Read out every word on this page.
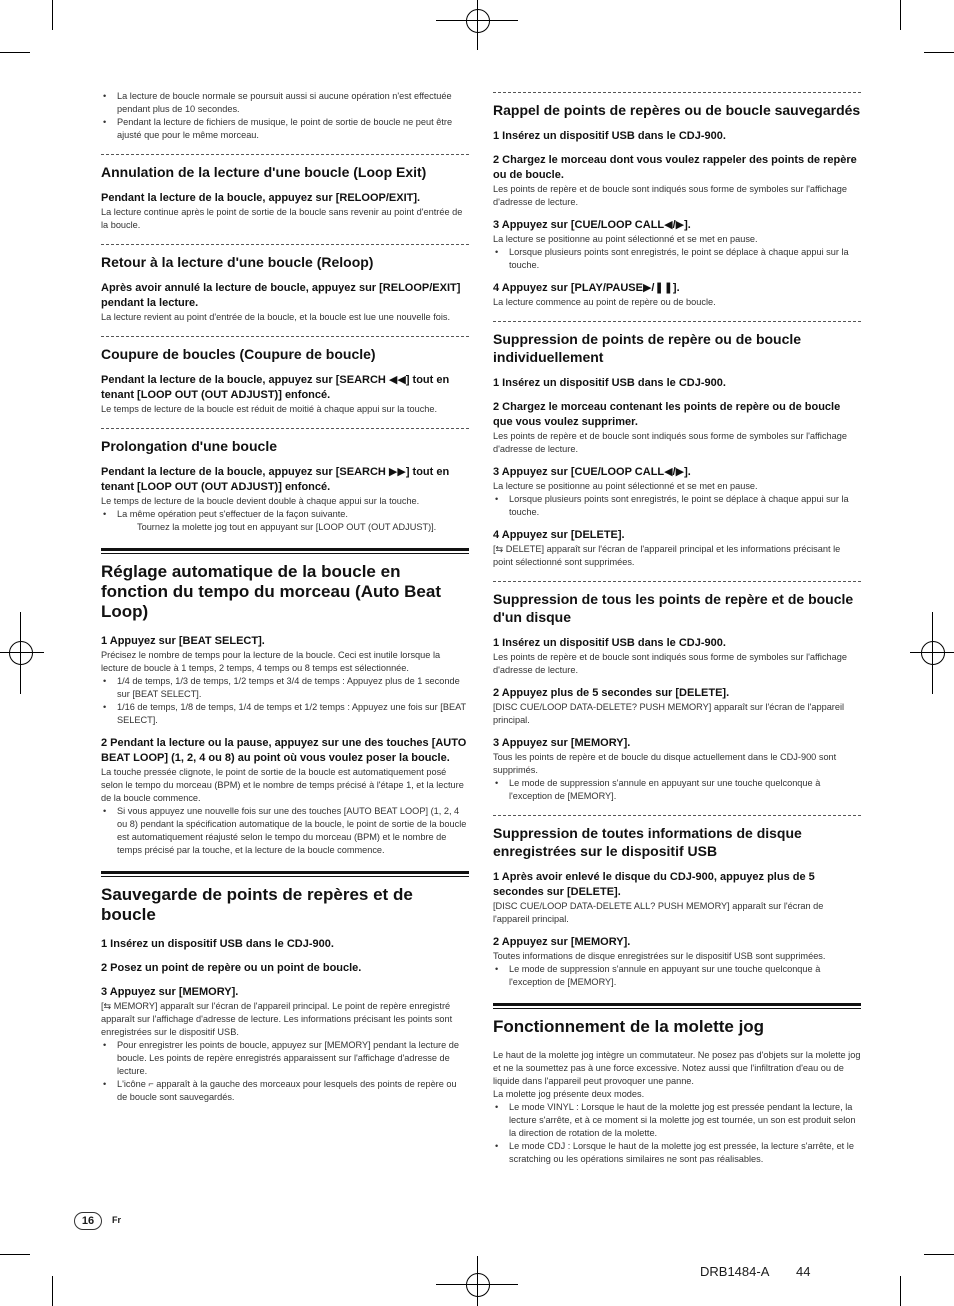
• La lecture de boucle normale se poursuit aussi si aucune opération n'est effectuée pendant plus de 10 secondes.
• Pendant la lecture de fichiers de musique, le point de sortie de boucle ne peut être ajusté que pour le même morceau.

Annulation de la lecture d'une boucle (Loop Exit)

Pendant la lecture de la boucle, appuyez sur [RELOOP/EXIT].

La lecture continue après le point de sortie de la boucle sans revenir au point d'entrée de la boucle.

Retour à la lecture d'une boucle (Reloop)

Après avoir annulé la lecture de boucle, appuyez sur [RELOOP/EXIT] pendant la lecture.

La lecture revient au point d'entrée de la boucle, et la boucle est lue une nouvelle fois.

Coupure de boucles (Coupure de boucle)

Pendant la lecture de la boucle, appuyez sur [SEARCH ◀◀] tout en tenant [LOOP OUT (OUT ADJUST)] enfoncé.

Le temps de lecture de la boucle est réduit de moitié à chaque appui sur la touche.

Prolongation d'une boucle

Pendant la lecture de la boucle, appuyez sur [SEARCH ▶▶] tout en tenant [LOOP OUT (OUT ADJUST)] enfoncé.

Le temps de lecture de la boucle devient double à chaque appui sur la touche.

• La même opération peut s'effectuer de la façon suivante.

Tournez la molette jog tout en appuyant sur [LOOP OUT (OUT ADJUST)].

Réglage automatique de la boucle en fonction du tempo du morceau (Auto Beat Loop)

1 Appuyez sur [BEAT SELECT].

Précisez le nombre de temps pour la lecture de la boucle. Ceci est inutile lorsque la lecture de boucle à 1 temps, 2 temps, 4 temps ou 8 temps est sélectionnée.

• 1/4 de temps, 1/3 de temps, 1/2 temps et 3/4 de temps : Appuyez plus de 1 seconde sur [BEAT SELECT].
• 1/16 de temps, 1/8 de temps, 1/4 de temps et 1/2 temps : Appuyez une fois sur [BEAT SELECT].

2 Pendant la lecture ou la pause, appuyez sur une des touches [AUTO BEAT LOOP] (1, 2, 4 ou 8) au point où vous voulez poser la boucle.

La touche pressée clignote, le point de sortie de la boucle est automatiquement posé selon le tempo du morceau (BPM) et le nombre de temps précisé à l'étape 1, et la lecture de la boucle commence.

• Si vous appuyez une nouvelle fois sur une des touches [AUTO BEAT LOOP] (1, 2, 4 ou 8) pendant la spécification automatique de la boucle, le point de sortie de la boucle est automatiquement réajusté selon le tempo du morceau (BPM) et le nombre de temps précisé par la touche, et la lecture de la boucle commence.

Sauvegarde de points de repères et de boucle

1 Insérez un dispositif USB dans le CDJ-900.

2 Posez un point de repère ou un point de boucle.

3 Appuyez sur [MEMORY].

[⇆ MEMORY] apparaît sur l'écran de l'appareil principal. Le point de repère enregistré apparaît sur l'affichage d'adresse de lecture. Les informations précisant les points sont enregistrées sur le dispositif USB.

• Pour enregistrer les points de boucle, appuyez sur [MEMORY] pendant la lecture de boucle. Les points de repère enregistrés apparaissent sur l'affichage d'adresse de lecture.
• L'icône ⌐ apparaît à la gauche des morceaux pour lesquels des points de repère ou de boucle sont sauvegardés.

Rappel de points de repères ou de boucle sauvegardés

1 Insérez un dispositif USB dans le CDJ-900.

2 Chargez le morceau dont vous voulez rappeler des points de repère ou de boucle.

Les points de repère et de boucle sont indiqués sous forme de symboles sur l'affichage d'adresse de lecture.

3 Appuyez sur [CUE/LOOP CALL◀/▶].

La lecture se positionne au point sélectionné et se met en pause.

• Lorsque plusieurs points sont enregistrés, le point se déplace à chaque appui sur la touche.

4 Appuyez sur [PLAY/PAUSE▶/❚❚].

La lecture commence au point de repère ou de boucle.

Suppression de points de repère ou de boucle individuellement

1 Insérez un dispositif USB dans le CDJ-900.

2 Chargez le morceau contenant les points de repère ou de boucle que vous voulez supprimer.

Les points de repère et de boucle sont indiqués sous forme de symboles sur l'affichage d'adresse de lecture.

3 Appuyez sur [CUE/LOOP CALL◀/▶].

La lecture se positionne au point sélectionné et se met en pause.

• Lorsque plusieurs points sont enregistrés, le point se déplace à chaque appui sur la touche.

4 Appuyez sur [DELETE].

[⇆ DELETE] apparaît sur l'écran de l'appareil principal et les informations précisant le point sélectionné sont supprimées.

Suppression de tous les points de repère et de boucle d'un disque

1 Insérez un dispositif USB dans le CDJ-900.

Les points de repère et de boucle sont indiqués sous forme de symboles sur l'affichage d'adresse de lecture.

2 Appuyez plus de 5 secondes sur [DELETE].

[DISC CUE/LOOP DATA-DELETE? PUSH MEMORY] apparaît sur l'écran de l'appareil principal.

3 Appuyez sur [MEMORY].

Tous les points de repère et de boucle du disque actuellement dans le CDJ-900 sont supprimés.

• Le mode de suppression s'annule en appuyant sur une touche quelconque à l'exception de [MEMORY].

Suppression de toutes informations de disque enregistrées sur le dispositif USB

1 Après avoir enlevé le disque du CDJ-900, appuyez plus de 5 secondes sur [DELETE].

[DISC CUE/LOOP DATA-DELETE ALL? PUSH MEMORY] apparaît sur l'écran de l'appareil principal.

2 Appuyez sur [MEMORY].

Toutes informations de disque enregistrées sur le dispositif USB sont supprimées.

• Le mode de suppression s'annule en appuyant sur une touche quelconque à l'exception de [MEMORY].

Fonctionnement de la molette jog

Le haut de la molette jog intègre un commutateur. Ne posez pas d'objets sur la molette jog et ne la soumettez pas à une force excessive. Notez aussi que l'infiltration d'eau ou de liquide dans l'appareil peut provoquer une panne.

La molette jog présente deux modes.

• Le mode VINYL : Lorsque le haut de la molette jog est pressée pendant la lecture, la lecture s'arrête, et à ce moment si la molette jog est tournée, un son est produit selon la direction de rotation de la molette.
• Le mode CDJ : Lorsque le haut de la molette jog est pressée, la lecture s'arrête, et le scratching ou les opérations similaires ne sont pas réalisables.
16	Fr
DRB1484-A 44
